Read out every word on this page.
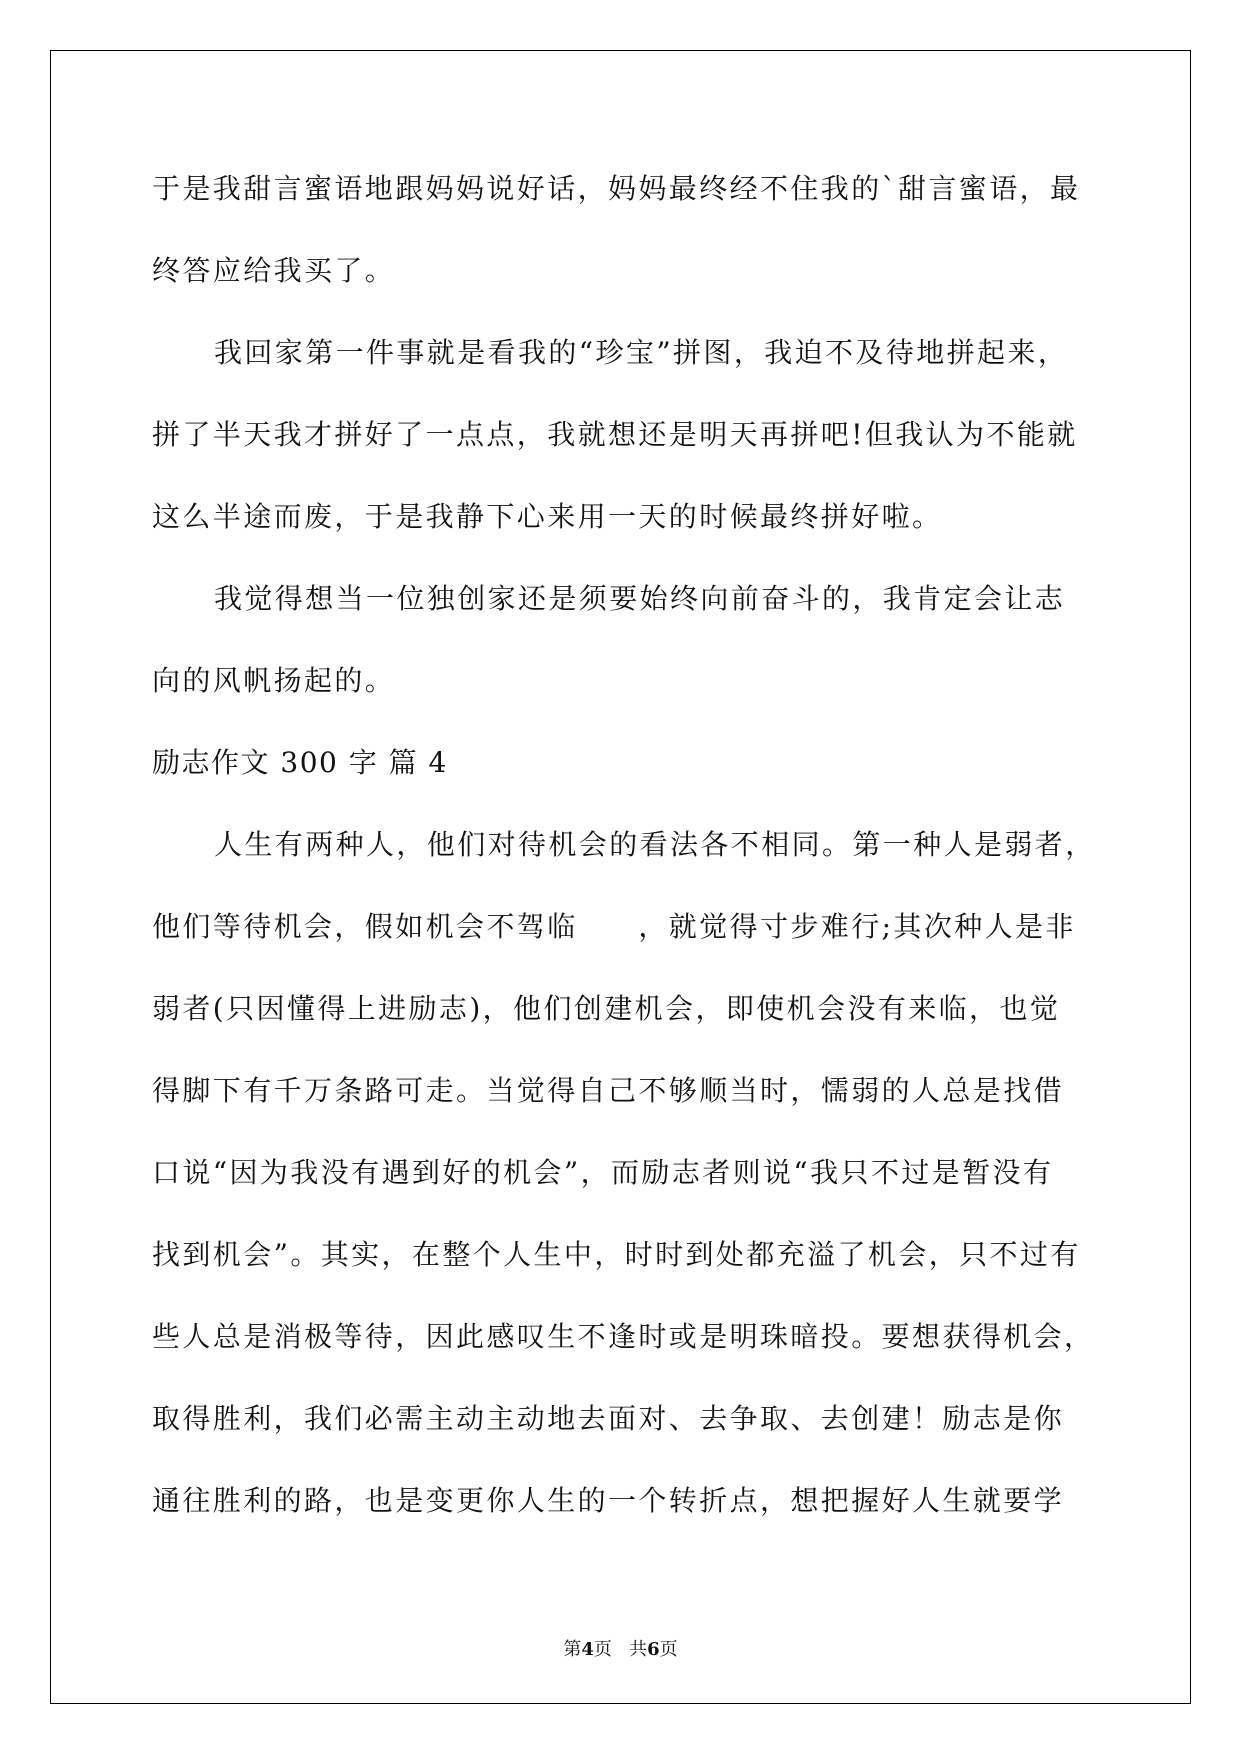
于是我甜言蜜语地跟妈妈说好话，妈妈最终经不住我的`甜言蜜语，最

终答应给我买了。

我回家第一件事就是看我的“珍宝”拼图，我迫不及待地拼起来，

拼了半天我才拼好了一点点，我就想还是明天再拼吧!但我认为不能就

这么半途而废，于是我静下心来用一天的时候最终拼好啦。

我觉得想当一位独创家还是须要始终向前奋斗的，我肯定会让志

向的风帆扬起的。

励志作文 300 字 篇 4

人生有两种人，他们对待机会的看法各不相同。第一种人是弱者，

他们等待机会，假如机会不驾临　　，就觉得寸步难行;其次种人是非

弱者(只因懂得上进励志)，他们创建机会，即使机会没有来临，也觉

得脚下有千万条路可走。当觉得自己不够顺当时，懦弱的人总是找借

口说“因为我没有遇到好的机会”，而励志者则说“我只不过是暂没有

找到机会”。其实，在整个人生中，时时到处都充溢了机会，只不过有

些人总是消极等待，因此感叹生不逢时或是明珠暗投。要想获得机会，

取得胜利，我们必需主动主动地去面对、去争取、去创建！励志是你

通往胜利的路，也是变更你人生的一个转折点，想把握好人生就要学

第4页 共6页
